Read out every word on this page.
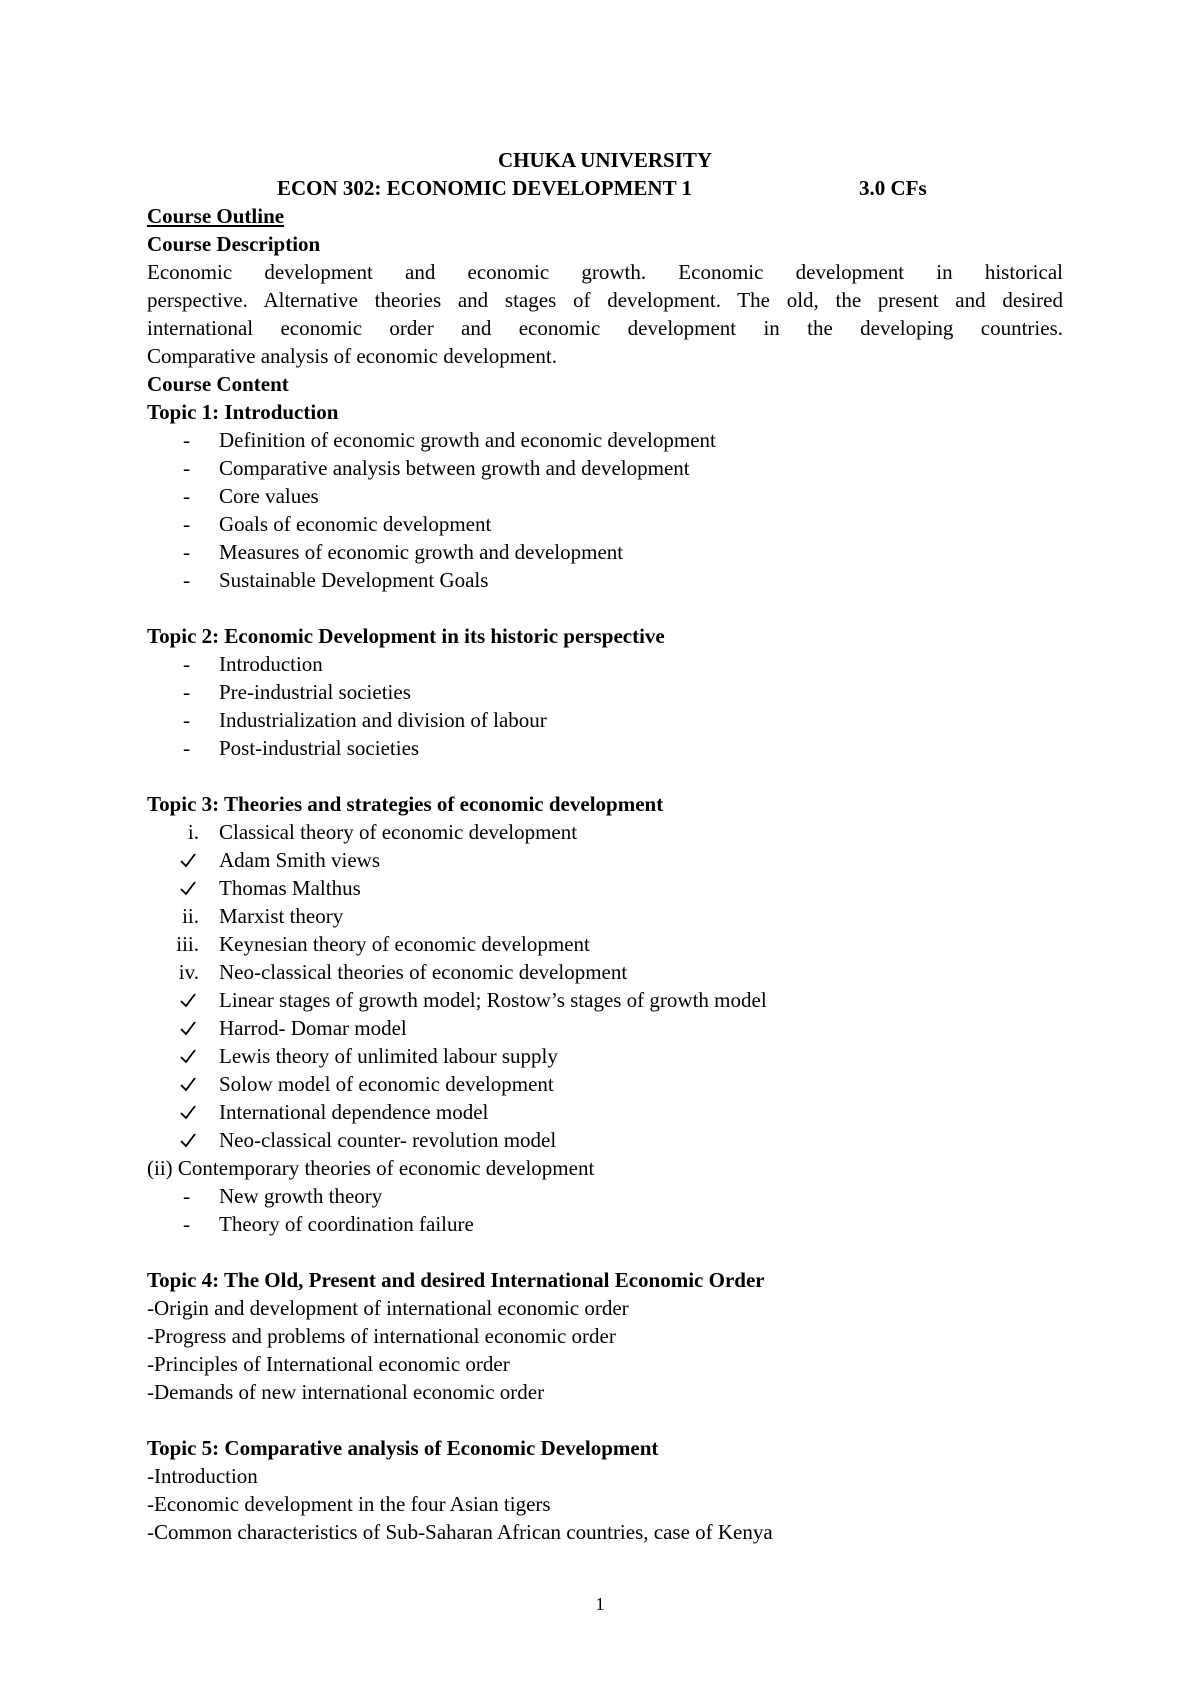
CHUKA UNIVERSITY
ECON 302: ECONOMIC DEVELOPMENT 1	3.0 CFs
Course Outline
Course Description
Economic development and economic growth. Economic development in historical
perspective. Alternative theories and stages of development. The old, the present and desired
international economic order and economic development in the developing countries.
Comparative analysis of economic development.
Course Content
Topic 1: Introduction
- Definition of economic growth and economic development
- Comparative analysis between growth and development
- Core values
- Goals of economic development
- Measures of economic growth and development
- Sustainable Development Goals
Topic 2: Economic Development in its historic perspective
- Introduction
- Pre-industrial societies
- Industrialization and division of labour
- Post-industrial societies
Topic 3: Theories and strategies of economic development
i. Classical theory of economic development
Adam Smith views
Thomas Malthus
ii. Marxist theory
iii. Keynesian theory of economic development
iv. Neo-classical theories of economic development
Linear stages of growth model; Rostow’s stages of growth model
Harrod- Domar model
Lewis theory of unlimited labour supply
Solow model of economic development
International dependence model
Neo-classical counter- revolution model
(ii) Contemporary theories of economic development
- New growth theory
- Theory of coordination failure
Topic 4: The Old, Present and desired International Economic Order
-Origin and development of international economic order
-Progress and problems of international economic order
-Principles of International economic order
-Demands of new international economic order
Topic 5: Comparative analysis of Economic Development
-Introduction
-Economic development in the four Asian tigers
-Common characteristics of Sub-Saharan African countries, case of Kenya
1
